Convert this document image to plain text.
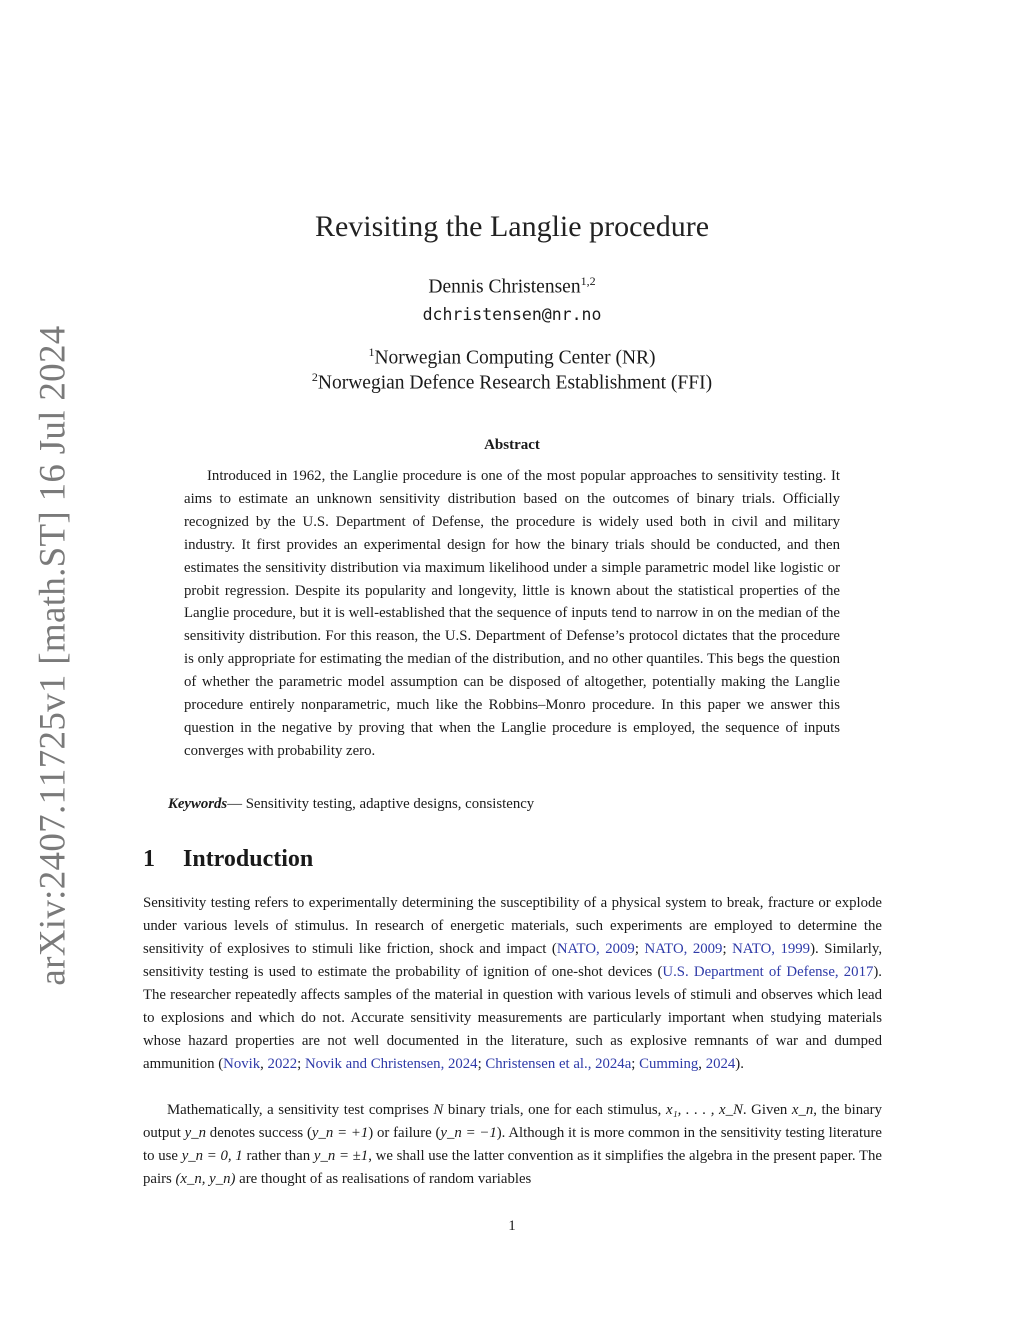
arXiv:2407.11725v1 [math.ST] 16 Jul 2024
Revisiting the Langlie procedure
Dennis Christensen$^{1,2}$
dchristensen@nr.no
$^1$Norwegian Computing Center (NR)
$^2$Norwegian Defence Research Establishment (FFI)
Abstract

Introduced in 1962, the Langlie procedure is one of the most popular approaches to sensitivity testing. It aims to estimate an unknown sensitivity distribution based on the outcomes of binary trials. Officially recognized by the U.S. Department of Defense, the procedure is widely used both in civil and military industry. It first provides an experimental design for how the binary trials should be conducted, and then estimates the sensitivity distribution via maximum likelihood under a simple parametric model like logistic or probit regression. Despite its popularity and longevity, little is known about the statistical properties of the Langlie procedure, but it is well-established that the sequence of inputs tend to narrow in on the median of the sensitivity distribution. For this reason, the U.S. Department of Defense’s protocol dictates that the procedure is only appropriate for estimating the median of the distribution, and no other quantiles. This begs the question of whether the parametric model assumption can be disposed of altogether, potentially making the Langlie procedure entirely nonparametric, much like the Robbins–Monro procedure. In this paper we answer this question in the negative by proving that when the Langlie procedure is employed, the sequence of inputs converges with probability zero.

Keywords— Sensitivity testing, adaptive designs, consistency
1 Introduction

Sensitivity testing refers to experimentally determining the susceptibility of a physical system to break, fracture or explode under various levels of stimulus. In research of energetic materials, such experiments are employed to determine the sensitivity of explosives to stimuli like friction, shock and impact (NATO, 2009; NATO, 2009; NATO, 1999). Similarly, sensitivity testing is used to estimate the probability of ignition of one-shot devices (U.S. Department of Defense, 2017). The researcher repeatedly affects samples of the material in question with various levels of stimuli and observes which lead to explosions and which do not. Accurate sensitivity measurements are particularly important when studying materials whose hazard properties are not well documented in the literature, such as explosive remnants of war and dumped ammunition (Novik, 2022; Novik and Christensen, 2024; Christensen et al., 2024a; Cumming, 2024).

Mathematically, a sensitivity test comprises N binary trials, one for each stimulus, x₁, . . . , x_N. Given x_n, the binary output y_n denotes success (y_n = +1) or failure (y_n = −1). Although it is more common in the sensitivity testing literature to use y_n = 0, 1 rather than y_n = ±1, we shall use the latter convention as it simplifies the algebra in the present paper. The pairs (x_n, y_n) are thought of as realisations of random variables

1
